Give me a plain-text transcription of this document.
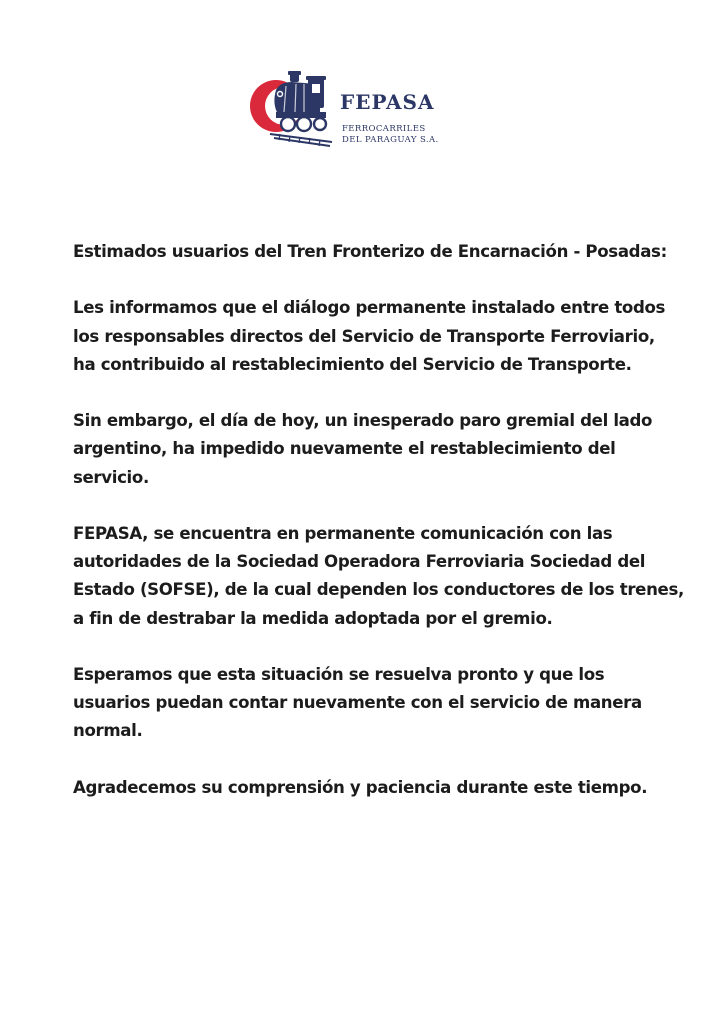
FEPASA
FERROCARRILES
DEL PARAGUAY S.A.

Estimados usuarios del Tren Fronterizo de Encarnación - Posadas:

Les informamos que el diálogo permanente instalado entre todos
los responsables directos del Servicio de Transporte Ferroviario,
ha contribuido al restablecimiento del Servicio de Transporte.

Sin embargo, el día de hoy, un inesperado paro gremial del lado
argentino, ha impedido nuevamente el restablecimiento del
servicio.

FEPASA, se encuentra en permanente comunicación con las
autoridades de la Sociedad Operadora Ferroviaria Sociedad del
Estado (SOFSE), de la cual dependen los conductores de los trenes,
a fin de destrabar la medida adoptada por el gremio.

Esperamos que esta situación se resuelva pronto y que los
usuarios puedan contar nuevamente con el servicio de manera
normal.

Agradecemos su comprensión y paciencia durante este tiempo.
